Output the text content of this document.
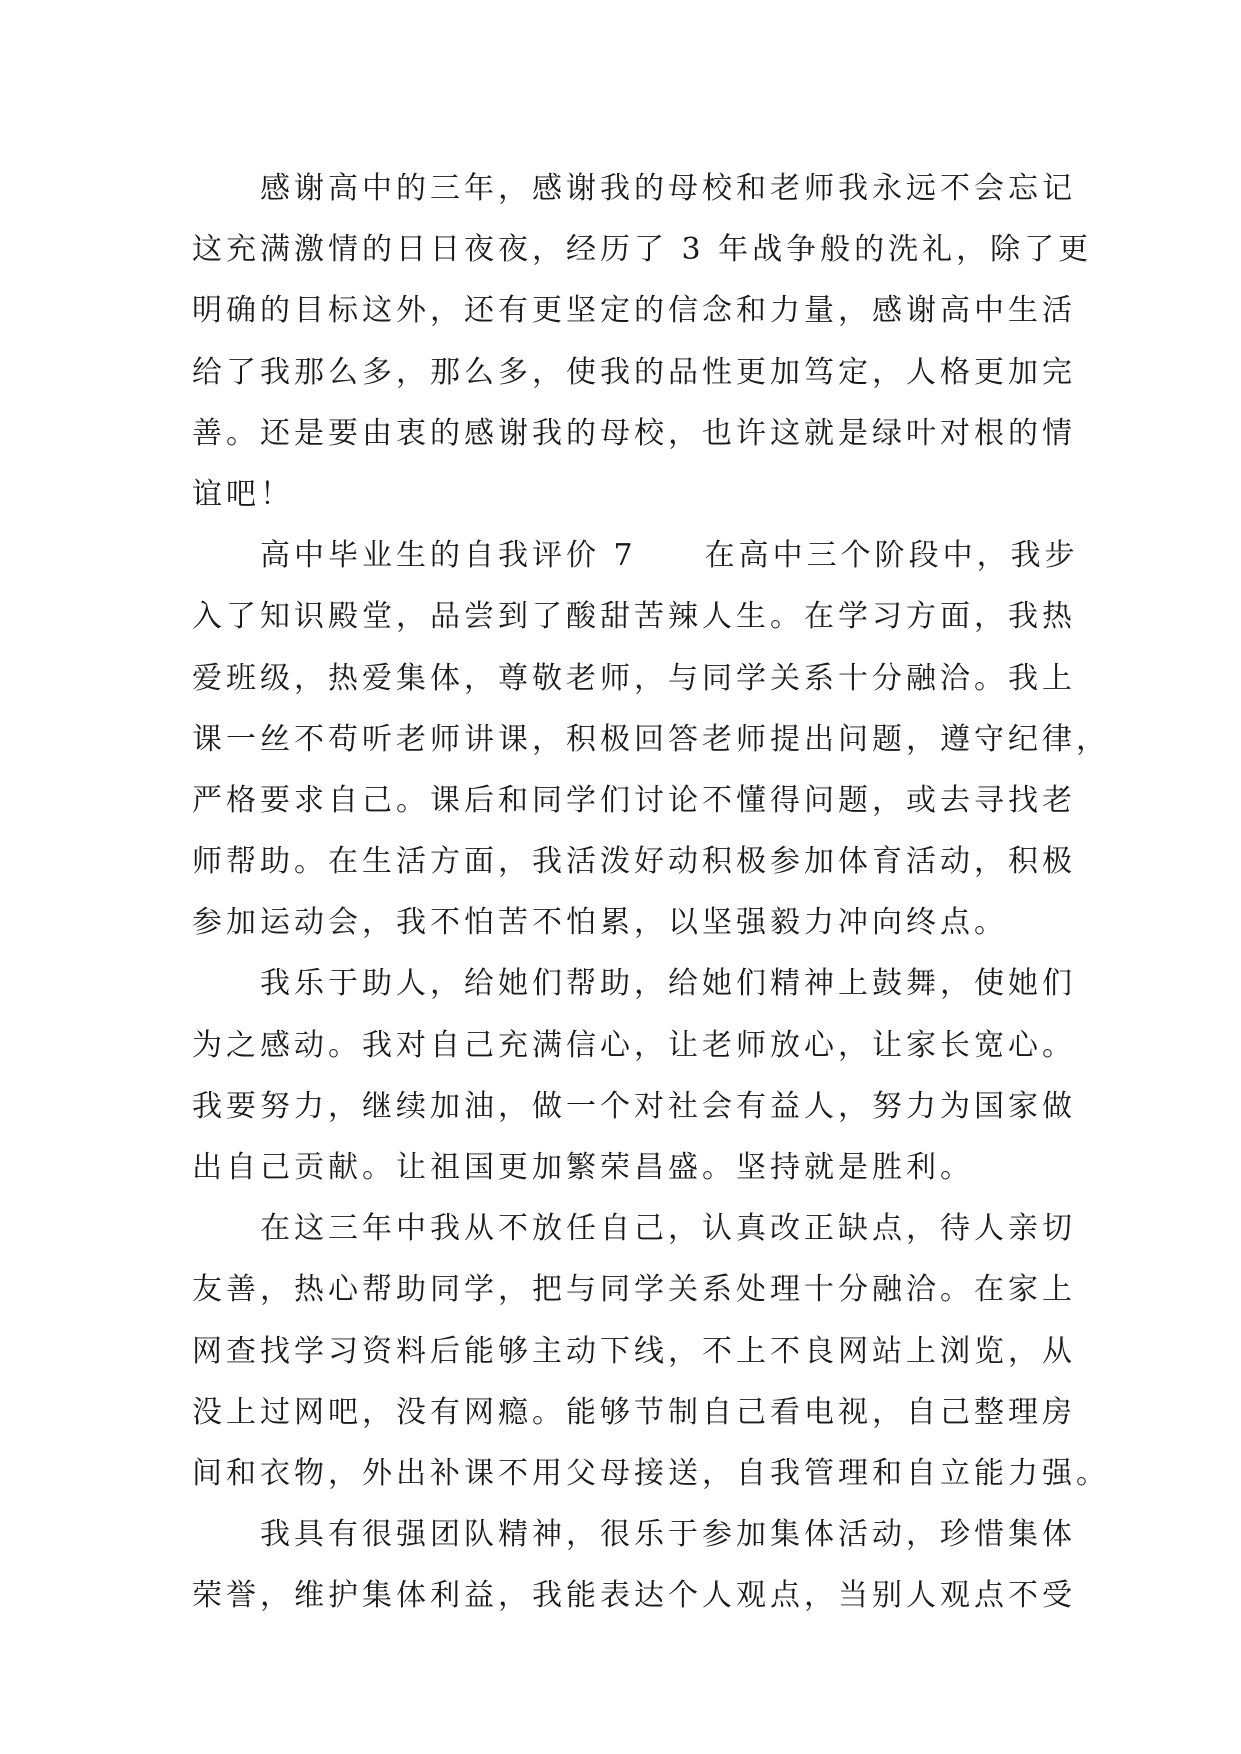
感谢高中的三年，感谢我的母校和老师我永远不会忘记
这充满激情的日日夜夜，经历了 3 年战争般的洗礼，除了更
明确的目标这外，还有更坚定的信念和力量，感谢高中生活
给了我那么多，那么多，使我的品性更加笃定，人格更加完
善。还是要由衷的感谢我的母校，也许这就是绿叶对根的情
谊吧！
高中毕业生的自我评价 7　　在高中三个阶段中，我步
入了知识殿堂，品尝到了酸甜苦辣人生。在学习方面，我热
爱班级，热爱集体，尊敬老师，与同学关系十分融洽。我上
课一丝不苟听老师讲课，积极回答老师提出问题，遵守纪律，
严格要求自己。课后和同学们讨论不懂得问题，或去寻找老
师帮助。在生活方面，我活泼好动积极参加体育活动，积极
参加运动会，我不怕苦不怕累，以坚强毅力冲向终点。
我乐于助人，给她们帮助，给她们精神上鼓舞，使她们
为之感动。我对自己充满信心，让老师放心，让家长宽心。
我要努力，继续加油，做一个对社会有益人，努力为国家做
出自己贡献。让祖国更加繁荣昌盛。坚持就是胜利。
在这三年中我从不放任自己，认真改正缺点，待人亲切
友善，热心帮助同学，把与同学关系处理十分融洽。在家上
网查找学习资料后能够主动下线，不上不良网站上浏览，从
没上过网吧，没有网瘾。能够节制自己看电视，自己整理房
间和衣物，外出补课不用父母接送，自我管理和自立能力强。
我具有很强团队精神，很乐于参加集体活动，珍惜集体
荣誉，维护集体利益，我能表达个人观点，当别人观点不受
